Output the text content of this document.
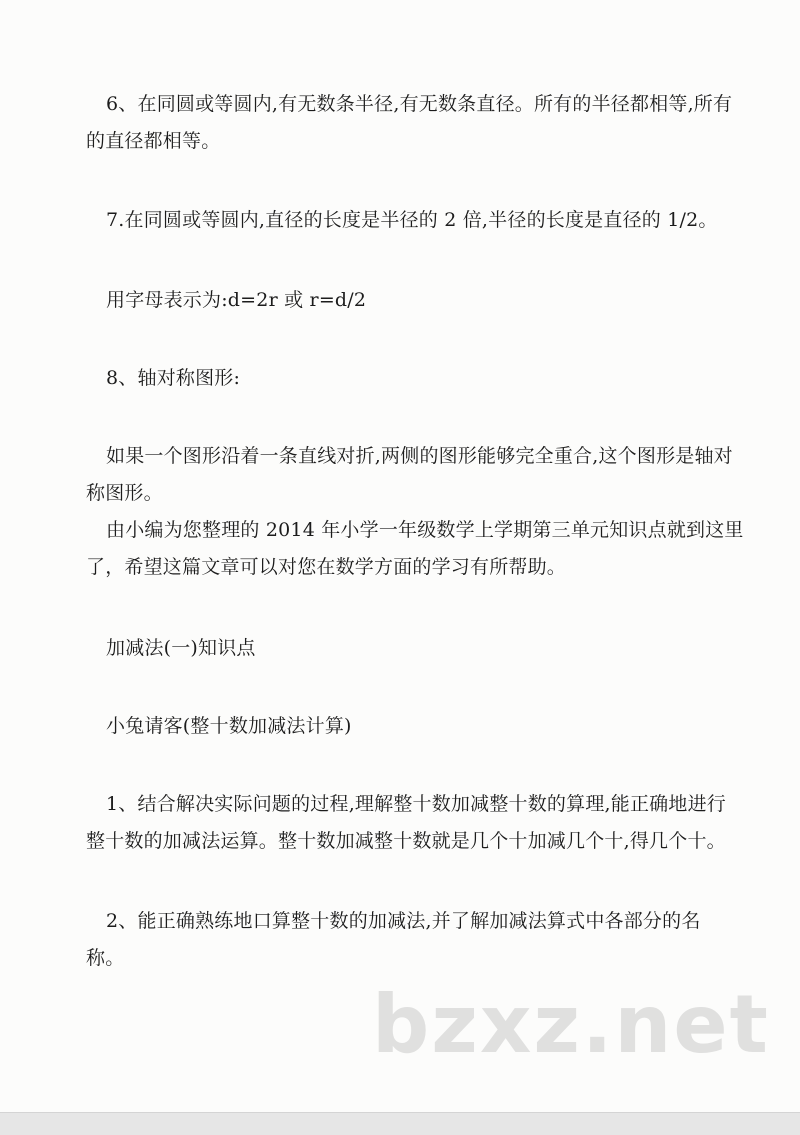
6、在同圆或等圆内,有无数条半径,有无数条直径。所有的半径都相等,所有
的直径都相等。

7.在同圆或等圆内,直径的长度是半径的 2 倍,半径的长度是直径的 1/2。

用字母表示为:d=2r 或 r=d/2

8、轴对称图形:

如果一个图形沿着一条直线对折,两侧的图形能够完全重合,这个图形是轴对
称图形。
由小编为您整理的 2014 年小学一年级数学上学期第三单元知识点就到这里
了，希望这篇文章可以对您在数学方面的学习有所帮助。

加减法(一)知识点

小兔请客(整十数加减法计算)

1、结合解决实际问题的过程,理解整十数加减整十数的算理,能正确地进行
整十数的加减法运算。整十数加减整十数就是几个十加减几个十,得几个十。

2、能正确熟练地口算整十数的加减法,并了解加减法算式中各部分的名
称。

bzxz.net
